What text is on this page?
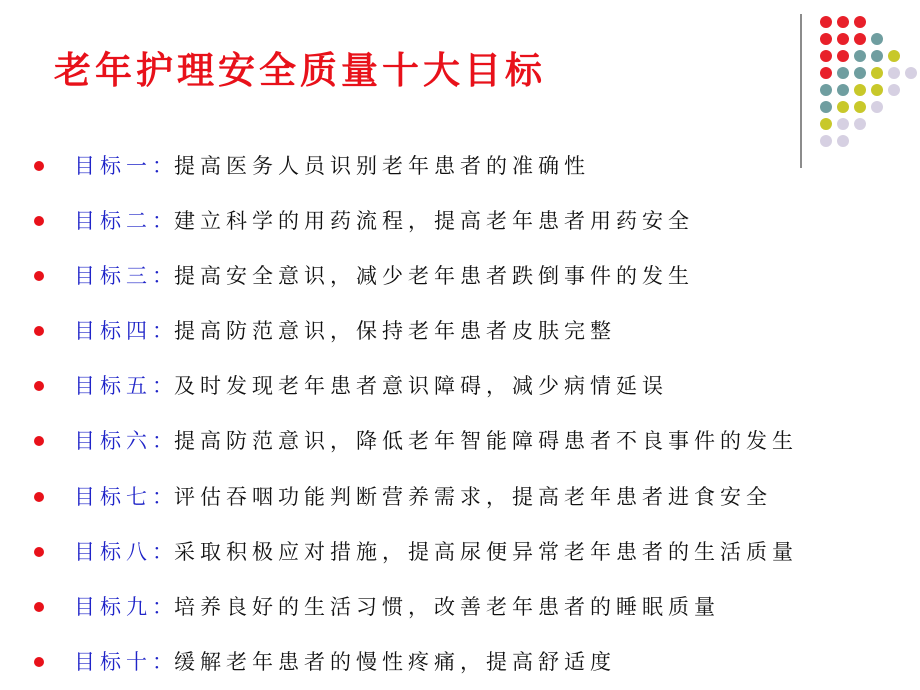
老年护理安全质量十大目标
目标一：
提高医务人员识别老年患者的准确性
目标二：
建立科学的用药流程，提高老年患者用药安全
目标三：
提高安全意识，减少老年患者跌倒事件的发生
目标四：
提高防范意识，保持老年患者皮肤完整
目标五：
及时发现老年患者意识障碍，减少病情延误
目标六：
提高防范意识，降低老年智能障碍患者不良事件的发生
目标七：
评估吞咽功能判断营养需求，提高老年患者进食安全
目标八：
采取积极应对措施，提高尿便异常老年患者的生活质量
目标九：
培养良好的生活习惯，改善老年患者的睡眠质量
目标十：
缓解老年患者的慢性疼痛，提高舒适度
